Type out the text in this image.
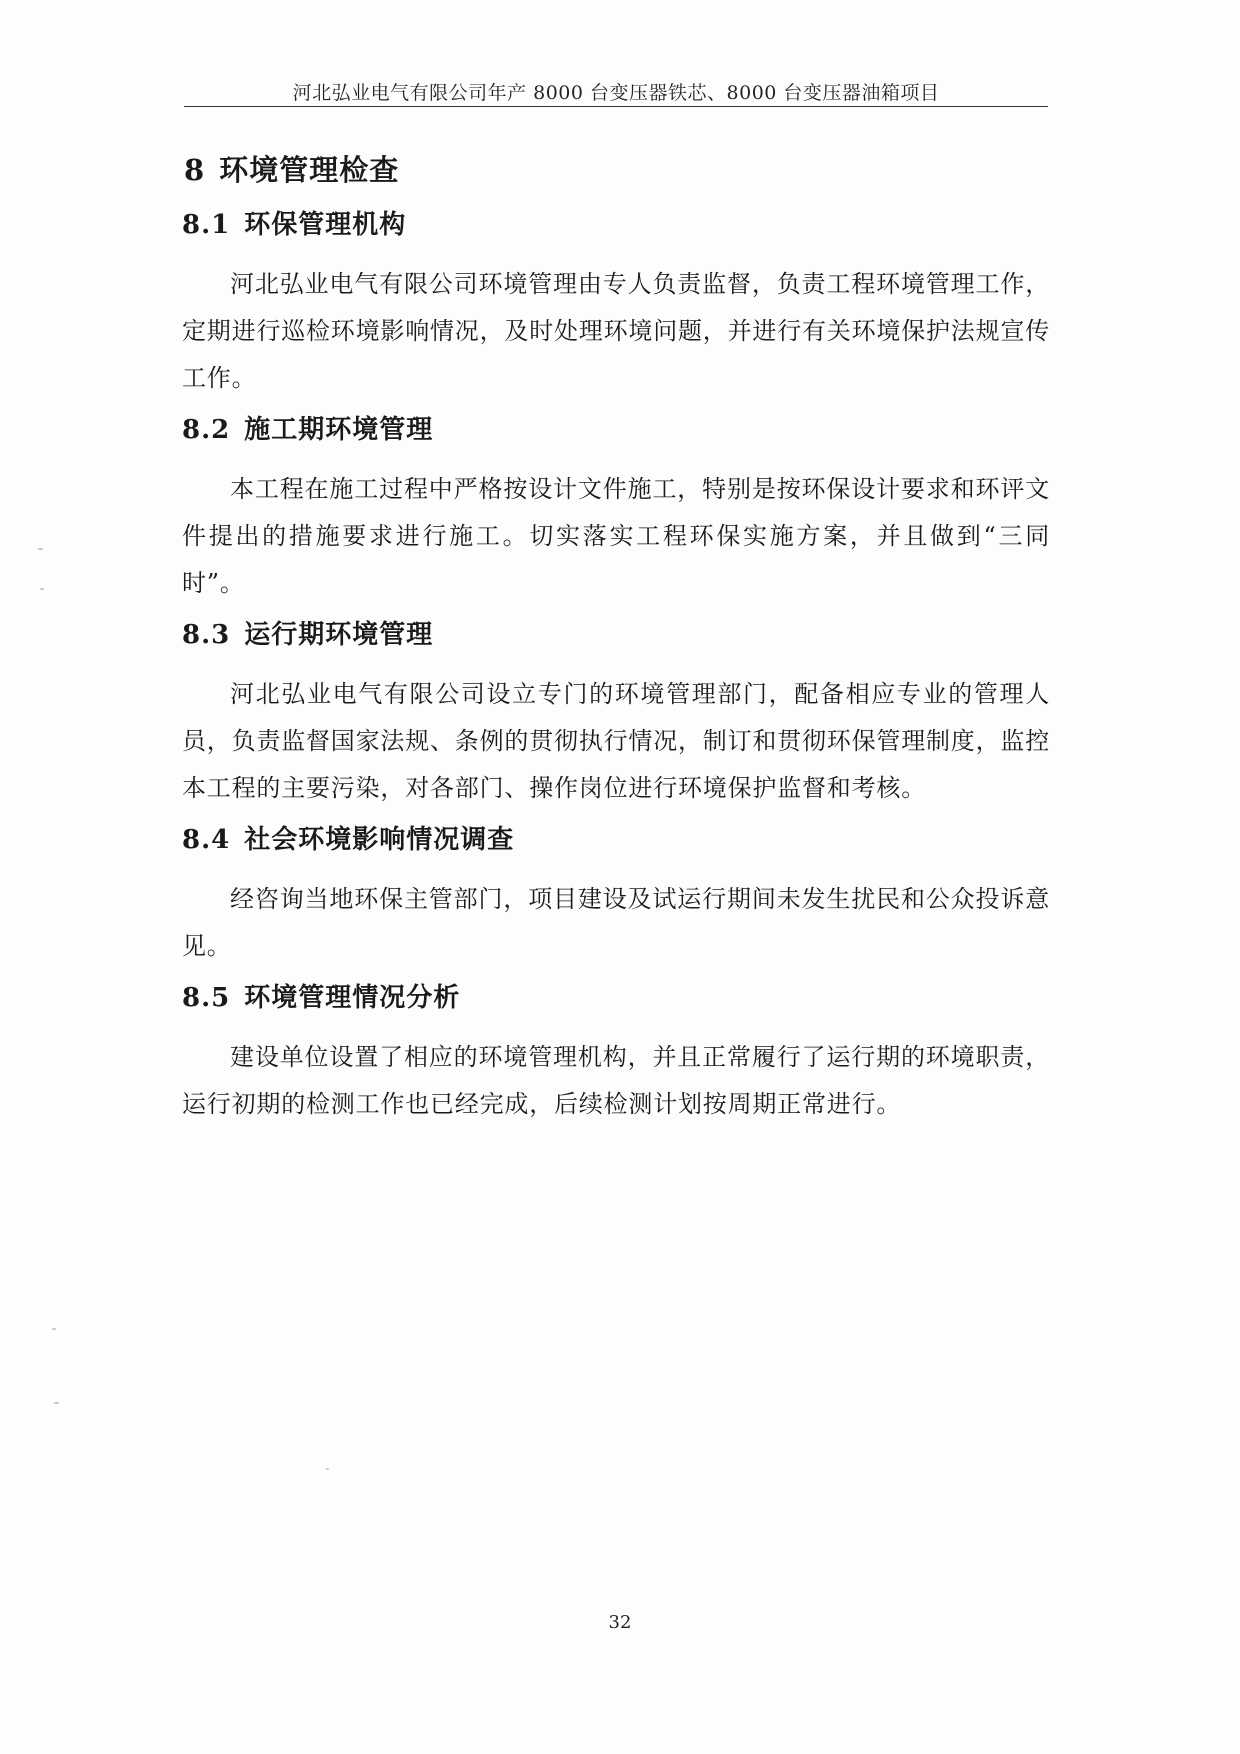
河北弘业电气有限公司年产 8000 台变压器铁芯、8000 台变压器油箱项目
8 环境管理检查
8.1 环保管理机构

河北弘业电气有限公司环境管理由专人负责监督，负责工程环境管理工作，定期进行巡检环境影响情况，及时处理环境问题，并进行有关环境保护法规宣传工作。

8.2 施工期环境管理

本工程在施工过程中严格按设计文件施工，特别是按环保设计要求和环评文件提出的措施要求进行施工。切实落实工程环保实施方案，并且做到“三同时”。

8.3 运行期环境管理

河北弘业电气有限公司设立专门的环境管理部门，配备相应专业的管理人员，负责监督国家法规、条例的贯彻执行情况，制订和贯彻环保管理制度，监控本工程的主要污染，对各部门、操作岗位进行环境保护监督和考核。

8.4 社会环境影响情况调查

经咨询当地环保主管部门，项目建设及试运行期间未发生扰民和公众投诉意见。

8.5 环境管理情况分析

建设单位设置了相应的环境管理机构，并且正常履行了运行期的环境职责，运行初期的检测工作也已经完成，后续检测计划按周期正常进行。

32
